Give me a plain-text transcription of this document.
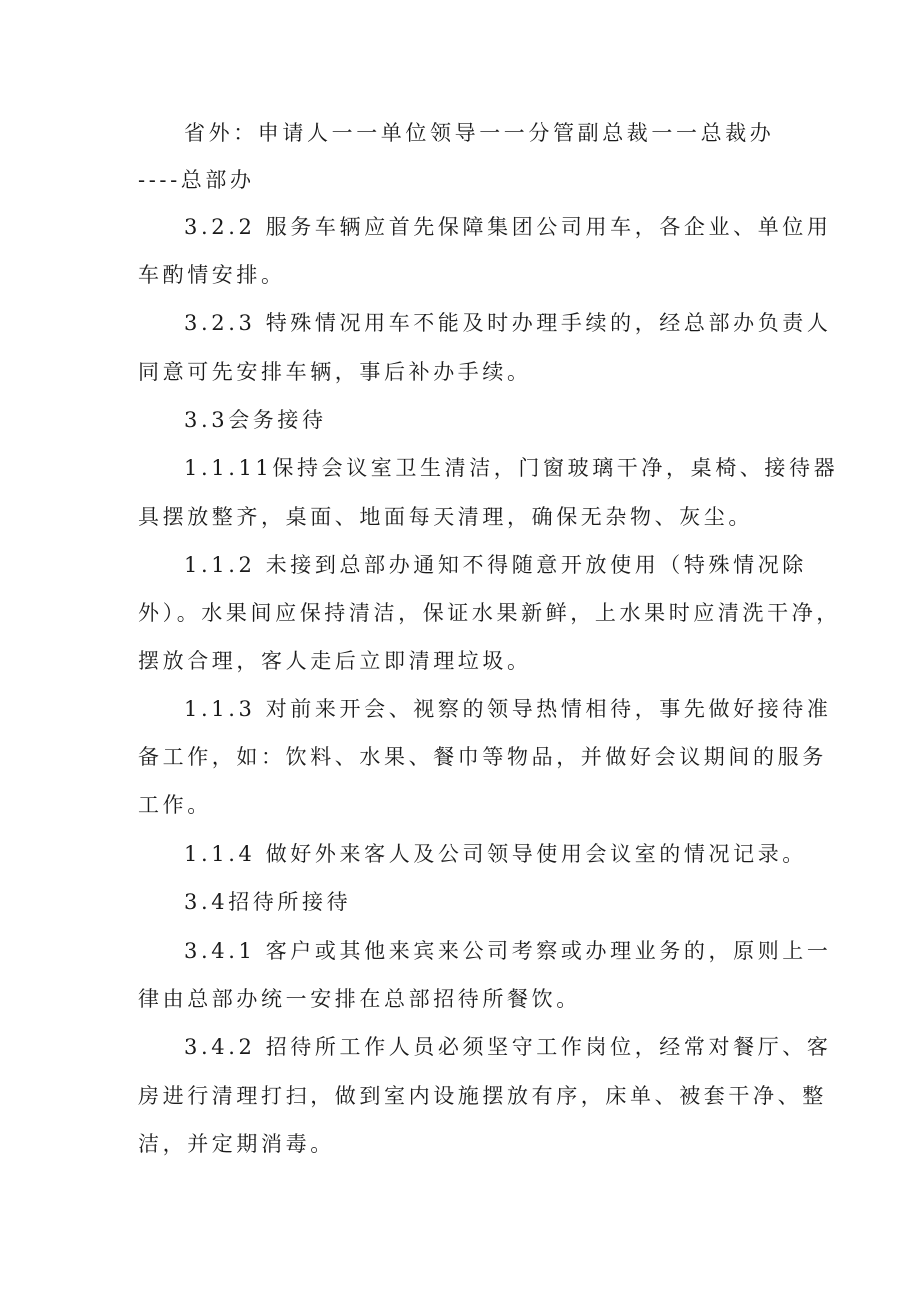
省外：申请人一一单位领导一一分管副总裁一一总裁办

----总部办

3.2.2 服务车辆应首先保障集团公司用车，各企业、单位用

车酌情安排。

3.2.3 特殊情况用车不能及时办理手续的，经总部办负责人

同意可先安排车辆，事后补办手续。

3.3会务接待

1.1.11保持会议室卫生清洁，门窗玻璃干净，桌椅、接待器

具摆放整齐，桌面、地面每天清理，确保无杂物、灰尘。

1.1.2 未接到总部办通知不得随意开放使用（特殊情况除

外）。水果间应保持清洁，保证水果新鲜，上水果时应清洗干净，

摆放合理，客人走后立即清理垃圾。

1.1.3 对前来开会、视察的领导热情相待，事先做好接待准

备工作，如：饮料、水果、餐巾等物品，并做好会议期间的服务

工作。

1.1.4 做好外来客人及公司领导使用会议室的情况记录。

3.4招待所接待

3.4.1 客户或其他来宾来公司考察或办理业务的，原则上一

律由总部办统一安排在总部招待所餐饮。

3.4.2 招待所工作人员必须坚守工作岗位，经常对餐厅、客

房进行清理打扫，做到室内设施摆放有序，床单、被套干净、整

洁，并定期消毒。
